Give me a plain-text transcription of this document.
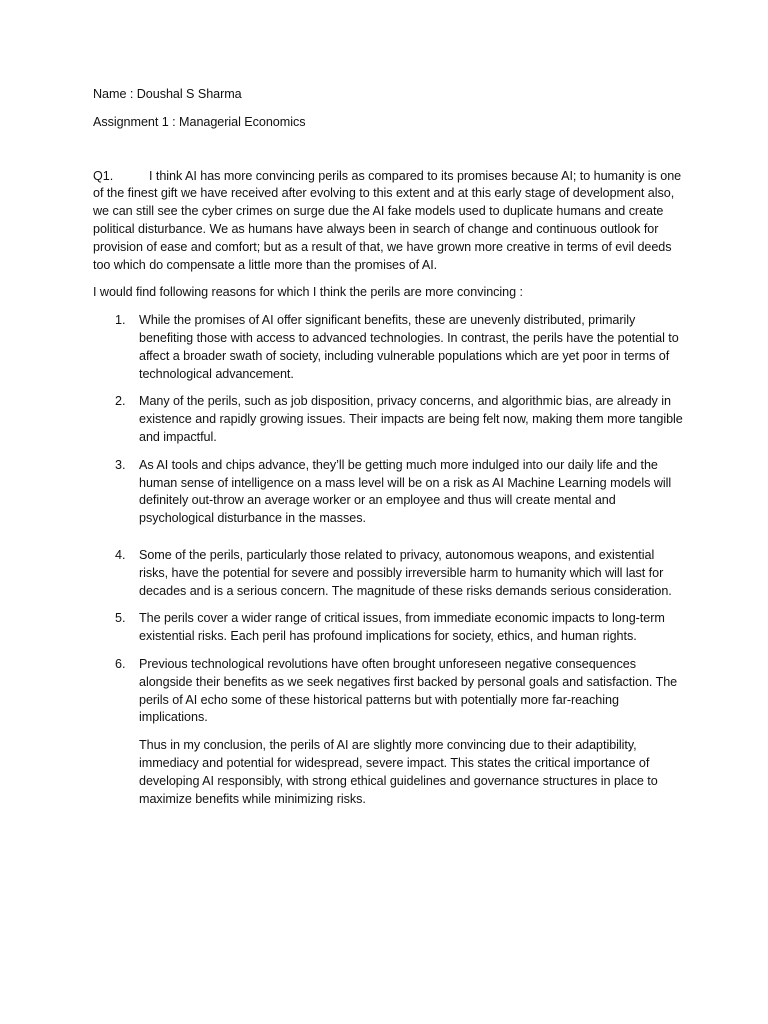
Name : Doushal S Sharma

Assignment 1 : Managerial Economics

Q1.	I think AI has more convincing perils as compared to its promises because AI; to humanity is one of the finest gift we have received after evolving to this extent and at this early stage of development also, we can still see the cyber crimes on surge due the AI fake models used to duplicate humans and create political disturbance. We as humans have always been in search of change and continuous outlook for provision of ease and comfort; but as a result of that, we have grown more creative in terms of evil deeds too which do compensate a little more than the promises of AI.

I would find following reasons for which I think the perils are more convincing :

1. While the promises of AI offer significant benefits, these are unevenly distributed, primarily benefiting those with access to advanced technologies. In contrast, the perils have the potential to affect a broader swath of society, including vulnerable populations which are yet poor in terms of technological advancement.
2. Many of the perils, such as job disposition, privacy concerns, and algorithmic bias, are already in existence and rapidly growing issues. Their impacts are being felt now, making them more tangible and impactful.
3. As AI tools and chips advance, they’ll be getting much more indulged into our daily life and the human sense of intelligence on a mass level will be on a risk as AI Machine Learning models will definitely out-throw an average worker or an employee and thus will create mental and psychological disturbance in the masses.
4. Some of the perils, particularly those related to privacy, autonomous weapons, and existential risks, have the potential for severe and possibly irreversible harm to humanity which will last for decades and is a serious concern. The magnitude of these risks demands serious consideration.
5. The perils cover a wider range of critical issues, from immediate economic impacts to long-term existential risks. Each peril has profound implications for society, ethics, and human rights.
6. Previous technological revolutions have often brought unforeseen negative consequences alongside their benefits as we seek negatives first backed by personal goals and satisfaction. The perils of AI echo some of these historical patterns but with potentially more far-reaching implications.

Thus in my conclusion, the perils of AI are slightly more convincing due to their adaptibility, immediacy and potential for widespread, severe impact. This states the critical importance of developing AI responsibly, with strong ethical guidelines and governance structures in place to maximize benefits while minimizing risks.
